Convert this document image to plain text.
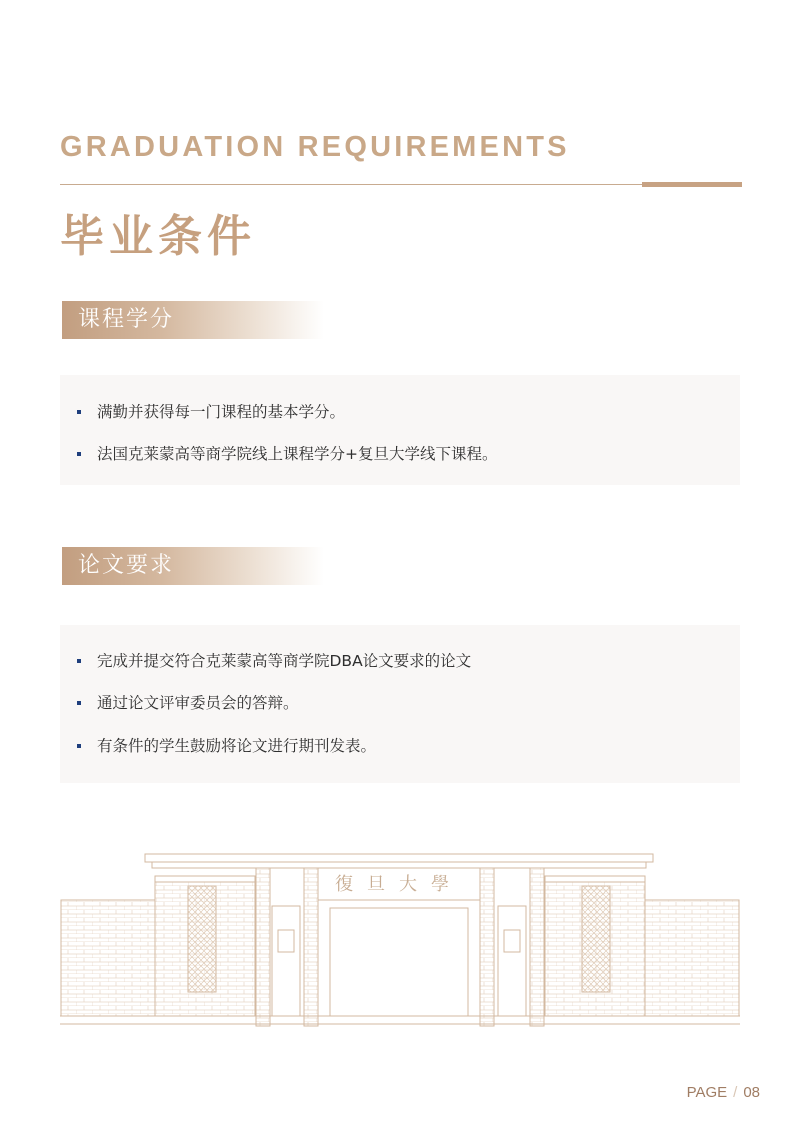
GRADUATION REQUIREMENTS
毕业条件
课程学分
满勤并获得每一门课程的基本学分。
法国克莱蒙高等商学院线上课程学分+复旦大学线下课程。
论文要求
完成并提交符合克莱蒙高等商学院DBA论文要求的论文
通过论文评审委员会的答辩。
有条件的学生鼓励将论文进行期刊发表。
復旦大學
PAGE / 08
